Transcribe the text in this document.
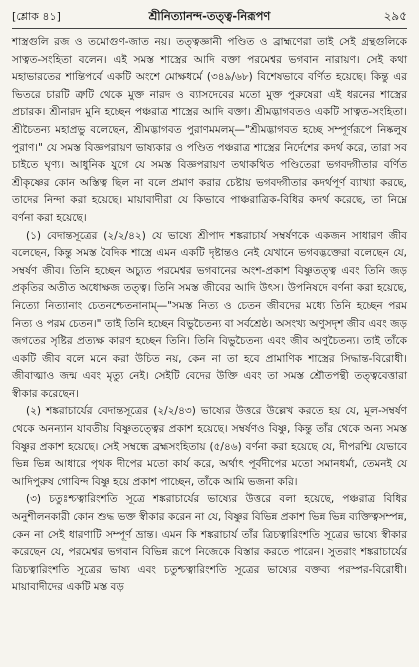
[শ্লোক ৪১]	শ্রীনিত্যানন্দ-তত্ত্ব-নিরূপণ	২৯৫

শাস্ত্রগুলি রজ ও তমোগুণ-জাত নয়। তত্ত্বজ্ঞানী পণ্ডিত ও ব্রাহ্মণেরা তাই সেই গ্রন্থগুলিকে সাত্বত-সংহিতা বলেন। এই সমস্ত শাস্ত্রের আদি বক্তা পরমেশ্বর ভগবান নারায়ণ। সেই কথা মহাভারতের শান্তিপর্বে একটি অংশে মোক্ষধর্মে (৩৪৯/৬৮) বিশেষভাবে বর্ণিত হয়েছে। কিন্তু এর ভিতরে চারটি ত্রুটি থেকে মুক্ত নারদ ও ব্যাসদেবের মতো মুক্ত পুরুষেরা এই ধরনের শাস্ত্রের প্রচারক। শ্রীনারদ মুনি হচ্ছেন পঞ্চরাত্র শাস্ত্রের আদি বক্তা। শ্রীমদ্ভাগবতও একটি সাত্বত-সংহিতা। শ্রীচৈতন্য মহাপ্রভু বলেছেন, শ্রীমদ্ভাগবত পুরাণমমলম্—"শ্রীমদ্ভাগবত হচ্ছে সম্পূর্ণরূপে নিষ্কলুষ পুরাণ।" যে সমস্ত বিজ্ঞপরায়ণ ভাষ্যকার ও পণ্ডিত পঞ্চরাত্র শাস্ত্রের নির্দেশের কদর্থ করে, তারা সব চাইতে ঘৃণ্য। আধুনিক যুগে যে সমস্ত বিজ্ঞপরায়ণ তথাকথিত পণ্ডিতেরা ভগবদ্গীতার বর্ণিত শ্রীকৃষ্ণের কোন অস্তিত্ব ছিল না বলে প্রমাণ করার চেষ্টায় ভগবদ্গীতার কদর্থপূর্ণ ব্যাখ্যা করছে, তাদের নিন্দা করা হয়েছে। মায়াবাদীরা যে কিভাবে পাঞ্চরাত্রিক-বিধির কদর্থ করেছে, তা নিম্নে বর্ণনা করা হয়েছে।

(১) বেদান্তসূত্রের (২/২/৪২) যে ভাষ্যে শ্রীপাদ শঙ্করাচার্য সম্বর্ষণকে একজন সাধারণ জীব বলেছেন, কিন্তু সমস্ত বৈদিক শাস্ত্রে এমন একটি দৃষ্টান্তও নেই যেখানে ভগবদ্ভক্তেরা বলেছেন যে, সম্বর্ষণ জীব। তিনি হচ্ছেন অচ্যুত পরমেশ্বর ভগবানের অংশ-প্রকাশ বিষ্ণুতত্ত্ব এবং তিনি জড় প্রকৃতির অতীত অধোক্ষজ তত্ত্ব। তিনি সমস্ত জীবের আদি উৎস। উপনিষদে বর্ণনা করা হয়েছে, নিত্যো নিত্যানাং চেতনশ্চেতনানাম্—"সমস্ত নিত্য ও চেতন জীবদের মধ্যে তিনি হচ্ছেন পরম নিত্য ও পরম চেতন।" তাই তিনি হচ্ছেন বিভুচৈতন্য বা সর্বশ্রেষ্ঠ। অসংখ্য অণুসদৃশ জীব এবং জড় জগতের সৃষ্টির প্রত্যক্ষ কারণ হচ্ছেন তিনি। তিনি বিভুচৈতন্য এবং জীব অণুচৈতন্য। তাই তাঁকে একটি জীব বলে মনে করা উচিত নয়, কেন না তা হবে প্রামাণিক শাস্ত্রের সিদ্ধান্ত-বিরোধী। জীবাত্মাও জন্ম এবং মৃত্যু নেই। সেইটি বেদের উক্তি এবং তা সমস্ত শ্রৌতপন্থী তত্ত্ববেত্তারা স্বীকার করেছেন।

(২) শঙ্করাচার্যের বেদান্তসূত্রের (২/২/৪৩) ভাষ্যের উত্তরে উল্লেখ করতে হয় যে, মূল-সম্বর্ষণ থেকে অনন্যান যাবতীয় বিষ্ণুতত্ত্বের প্রকাশ হয়েছে। সম্বর্ষণও বিষ্ণু, কিন্তু তাঁর থেকে অন্য সমস্ত বিষ্ণুর প্রকাশ হয়েছে। সেই সম্বন্ধে ব্রহ্মসংহিতায় (৫/৪৬) বর্ণনা করা হয়েছে যে, দীপরশ্মি যেভাবে ভিন্ন ভিন্ন আধারে পৃথক দীপের মতো কার্য করে, অর্থাৎ পূর্বদীপের মতো সমানধর্মা, তেমনই যে আদিপুরুষ গোবিন্দ বিষ্ণু হয়ে প্রকাশ পাচ্ছেন, তাঁকে আমি ভজনা করি।

(৩) চতুঃশ্চত্বারিংশতি সূত্রে শঙ্করাচার্যের ভাষ্যের উত্তরে বলা হয়েছে, পঞ্চরাত্র বিধির অনুশীলনকারী কোন শুদ্ধ ভক্ত স্বীকার করেন না যে, বিষ্ণুর বিভিন্ন প্রকাশ ভিন্ন ভিন্ন ব্যক্তিত্বসম্পন্ন, কেন না সেই ধারণাটি সম্পূর্ণ ভ্রান্ত। এমন কি শঙ্করাচার্য তাঁর ত্রিচত্বারিংশতি সূত্রের ভাষ্যে স্বীকার করেছেন যে, পরমেশ্বর ভগবান বিভিন্ন রূপে নিজেকে বিস্তার করতে পারেন। সুতরাং শঙ্করাচার্যের ত্রিচত্বারিংশতি সূত্রের ভাষ্য এবং চতুশ্চত্বারিংশতি সূত্রের ভাষ্যের বক্তব্য পরস্পর-বিরোধী। মায়াবাদীদের একটি মস্ত বড়
